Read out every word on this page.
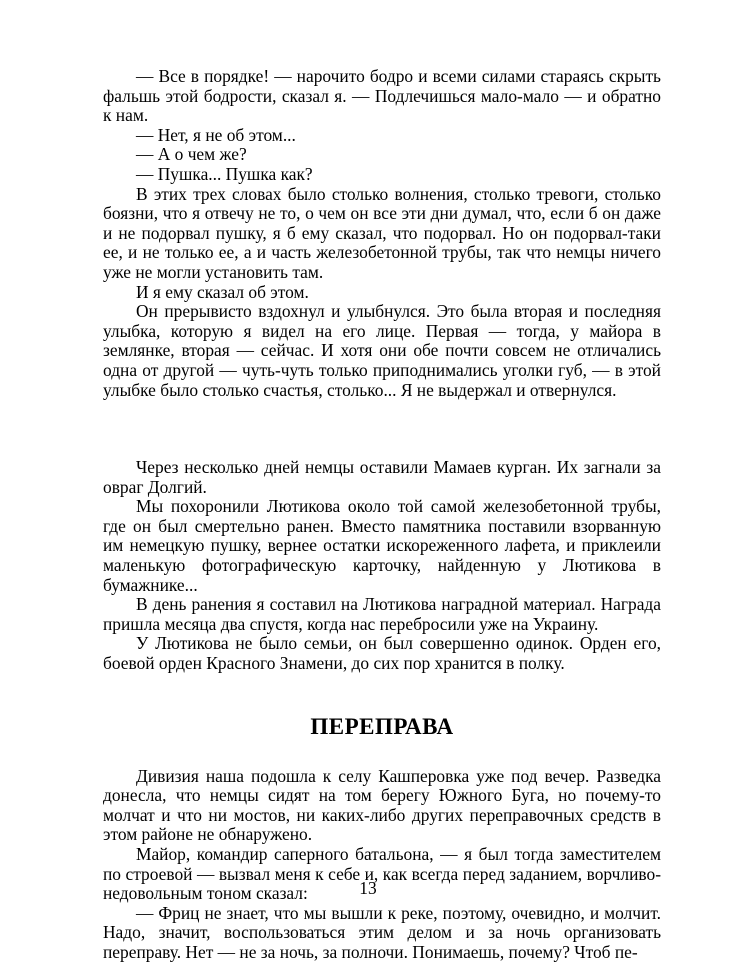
— Все в порядке! — нарочито бодро и всеми силами стараясь скрыть фальшь этой бодрости, сказал я. — Подлечишься мало-мало — и обратно к нам.

— Нет, я не об этом...

— А о чем же?

— Пушка... Пушка как?

В этих трех словах было столько волнения, столько тревоги, столько боязни, что я отвечу не то, о чем он все эти дни думал, что, если б он даже и не подорвал пушку, я б ему сказал, что подорвал. Но он подорвал-таки ее, и не только ее, а и часть железобетонной трубы, так что немцы ничего уже не могли установить там.

И я ему сказал об этом.

Он прерывисто вздохнул и улыбнулся. Это была вторая и последняя улыбка, которую я видел на его лице. Первая — тогда, у майора в землянке, вторая — сейчас. И хотя они обе почти совсем не отличались одна от другой — чуть-чуть только приподнимались уголки губ, — в этой улыбке было столько счастья, столько... Я не выдержал и отвернулся.

Через несколько дней немцы оставили Мамаев курган. Их загнали за овраг Долгий.

Мы похоронили Лютикова около той самой железобетонной трубы, где он был смертельно ранен. Вместо памятника поставили взорванную им немецкую пушку, вернее остатки искореженного лафета, и приклеили маленькую фотографическую карточку, найденную у Лютикова в бумажнике...

В день ранения я составил на Лютикова наградной материал. Награда пришла месяца два спустя, когда нас перебросили уже на Украину.

У Лютикова не было семьи, он был совершенно одинок. Орден его, боевой орден Красного Знамени, до сих пор хранится в полку.

ПЕРЕПРАВА

Дивизия наша подошла к селу Кашперовка уже под вечер. Разведка донесла, что немцы сидят на том берегу Южного Буга, но почему-то молчат и что ни мостов, ни каких-либо других переправочных средств в этом районе не обнаружено.

Майор, командир саперного батальона, — я был тогда заместителем по строевой — вызвал меня к себе и, как всегда перед заданием, ворчливо-недовольным тоном сказал:

— Фриц не знает, что мы вышли к реке, поэтому, очевидно, и молчит. Надо, значит, воспользоваться этим делом и за ночь организовать переправу. Нет — не за ночь, за полночи. Понимаешь, почему? Чтоб пе-

13
